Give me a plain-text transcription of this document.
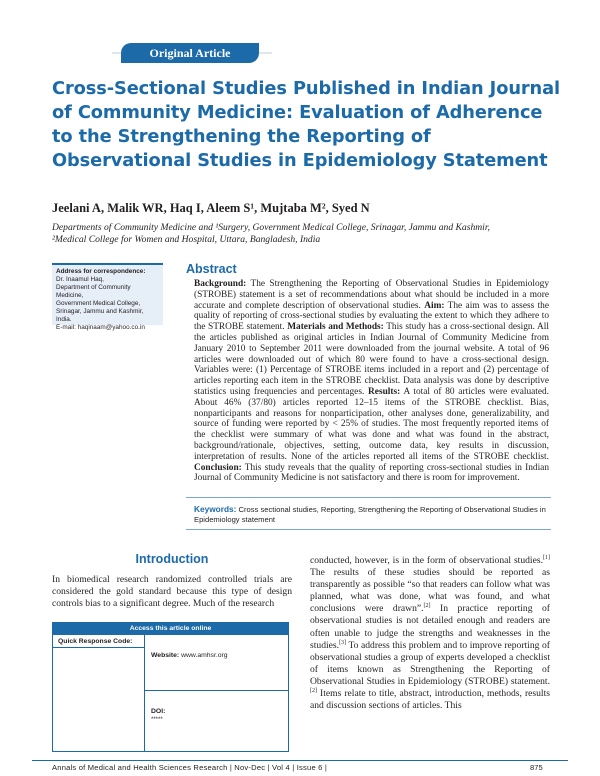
Original Article
Cross-Sectional Studies Published in Indian Journal of Community Medicine: Evaluation of Adherence to the Strengthening the Reporting of Observational Studies in Epidemiology Statement
Jeelani A, Malik WR, Haq I, Aleem S¹, Mujtaba M², Syed N
Departments of Community Medicine and ¹Surgery, Government Medical College, Srinagar, Jammu and Kashmir,
²Medical College for Women and Hospital, Uttara, Bangladesh, India
Address for correspondence:
Dr. Inaamul Haq,
Department of Community Medicine,
Government Medical College,
Srinagar, Jammu and Kashmir, India.
E-mail: haqinaam@yahoo.co.in
Abstract

Background: The Strengthening the Reporting of Observational Studies in Epidemiology (STROBE) statement is a set of recommendations about what should be included in a more accurate and complete description of observational studies. Aim: The aim was to assess the quality of reporting of cross-sectional studies by evaluating the extent to which they adhere to the STROBE statement. Materials and Methods: This study has a cross-sectional design. All the articles published as original articles in Indian Journal of Community Medicine from January 2010 to September 2011 were downloaded from the journal website. A total of 96 articles were downloaded out of which 80 were found to have a cross-sectional design. Variables were: (1) Percentage of STROBE items included in a report and (2) percentage of articles reporting each item in the STROBE checklist. Data analysis was done by descriptive statistics using frequencies and percentages. Results: A total of 80 articles were evaluated. About 46% (37/80) articles reported 12–15 items of the STROBE checklist. Bias, nonparticipants and reasons for nonparticipation, other analyses done, generalizability, and source of funding were reported by < 25% of studies. The most frequently reported items of the checklist were summary of what was done and what was found in the abstract, background/rationale, objectives, setting, outcome data, key results in discussion, interpretation of results. None of the articles reported all items of the STROBE checklist. Conclusion: This study reveals that the quality of reporting cross-sectional studies in Indian Journal of Community Medicine is not satisfactory and there is room for improvement.

Keywords: Cross sectional studies, Reporting, Strengthening the Reporting of Observational Studies in Epidemiology statement
Introduction

In biomedical research randomized controlled trials are considered the gold standard because this type of design controls bias to a significant degree. Much of the research

Access this article online
Quick Response Code:
Website: www.amhsr.org
DOI:
*****

conducted, however, is in the form of observational studies.[1] The results of these studies should be reported as transparently as possible “so that readers can follow what was planned, what was done, what was found, and what conclusions were drawn”.[2] In practice reporting of observational studies is not detailed enough and readers are often unable to judge the strengths and weaknesses in the studies.[3] To address this problem and to improve reporting of observational studies a group of experts developed a checklist of items known as Strengthening the Reporting of Observational Studies in Epidemiology (STROBE) statement.[2] Items relate to title, abstract, introduction, methods, results and discussion sections of articles. This

Annals of Medical and Health Sciences Research | Nov-Dec | Vol 4 | Issue 6 |	875
